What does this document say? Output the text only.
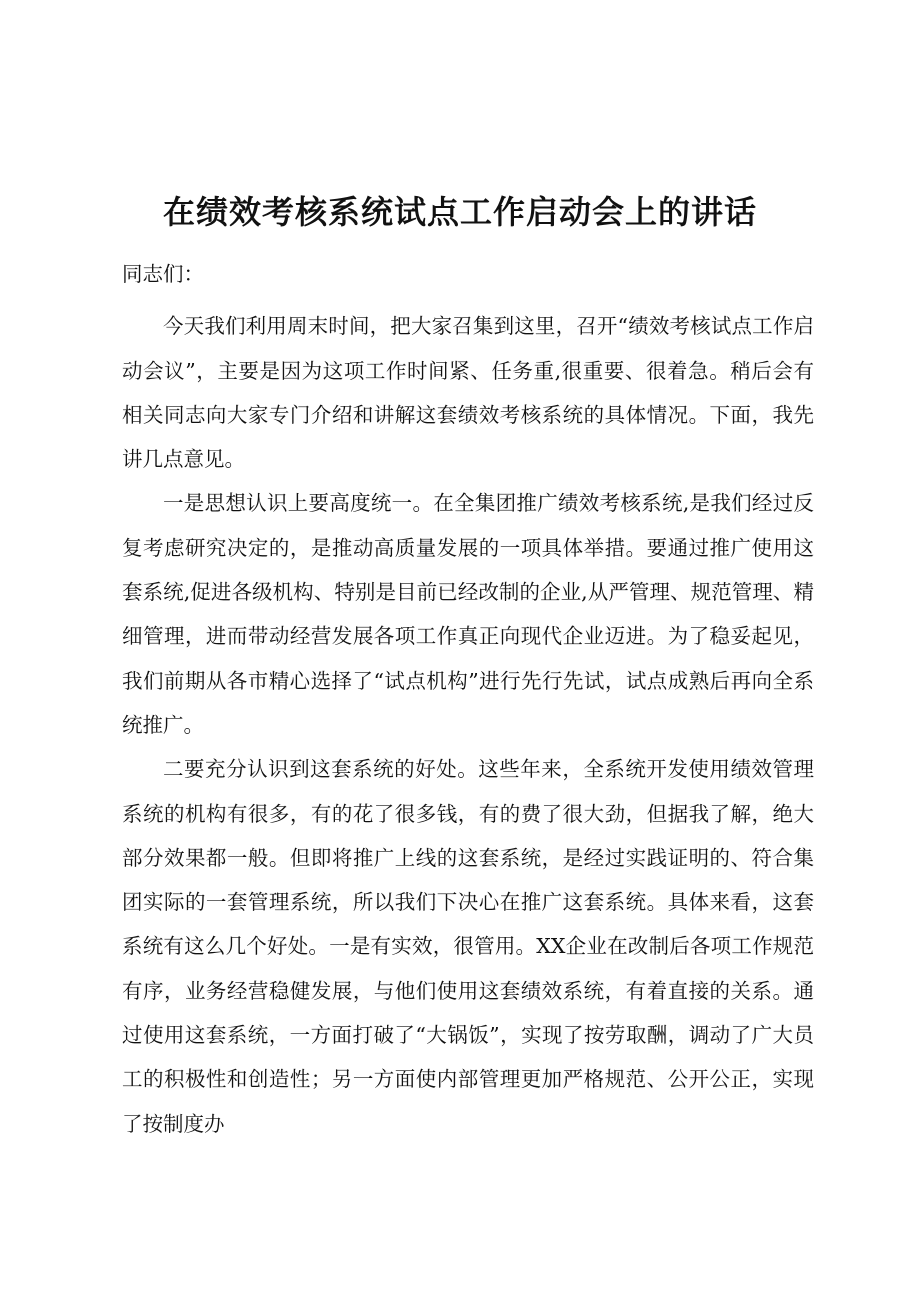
在绩效考核系统试点工作启动会上的讲话

同志们：

今天我们利用周末时间，把大家召集到这里，召开“绩效考核试点工作启动会议”，主要是因为这项工作时间紧、任务重,很重要、很着急。稍后会有相关同志向大家专门介绍和讲解这套绩效考核系统的具体情况。下面，我先讲几点意见。

一是思想认识上要高度统一。在全集团推广绩效考核系统,是我们经过反复考虑研究决定的，是推动高质量发展的一项具体举措。要通过推广使用这套系统,促进各级机构、特别是目前已经改制的企业,从严管理、规范管理、精细管理，进而带动经营发展各项工作真正向现代企业迈进。为了稳妥起见，我们前期从各市精心选择了“试点机构”进行先行先试，试点成熟后再向全系统推广。

二要充分认识到这套系统的好处。这些年来，全系统开发使用绩效管理系统的机构有很多，有的花了很多钱，有的费了很大劲，但据我了解，绝大部分效果都一般。但即将推广上线的这套系统，是经过实践证明的、符合集团实际的一套管理系统，所以我们下决心在推广这套系统。具体来看，这套系统有这么几个好处。一是有实效，很管用。XX企业在改制后各项工作规范有序，业务经营稳健发展，与他们使用这套绩效系统，有着直接的关系。通过使用这套系统，一方面打破了“大锅饭”，实现了按劳取酬，调动了广大员工的积极性和创造性；另一方面使内部管理更加严格规范、公开公正，实现了按制度办
